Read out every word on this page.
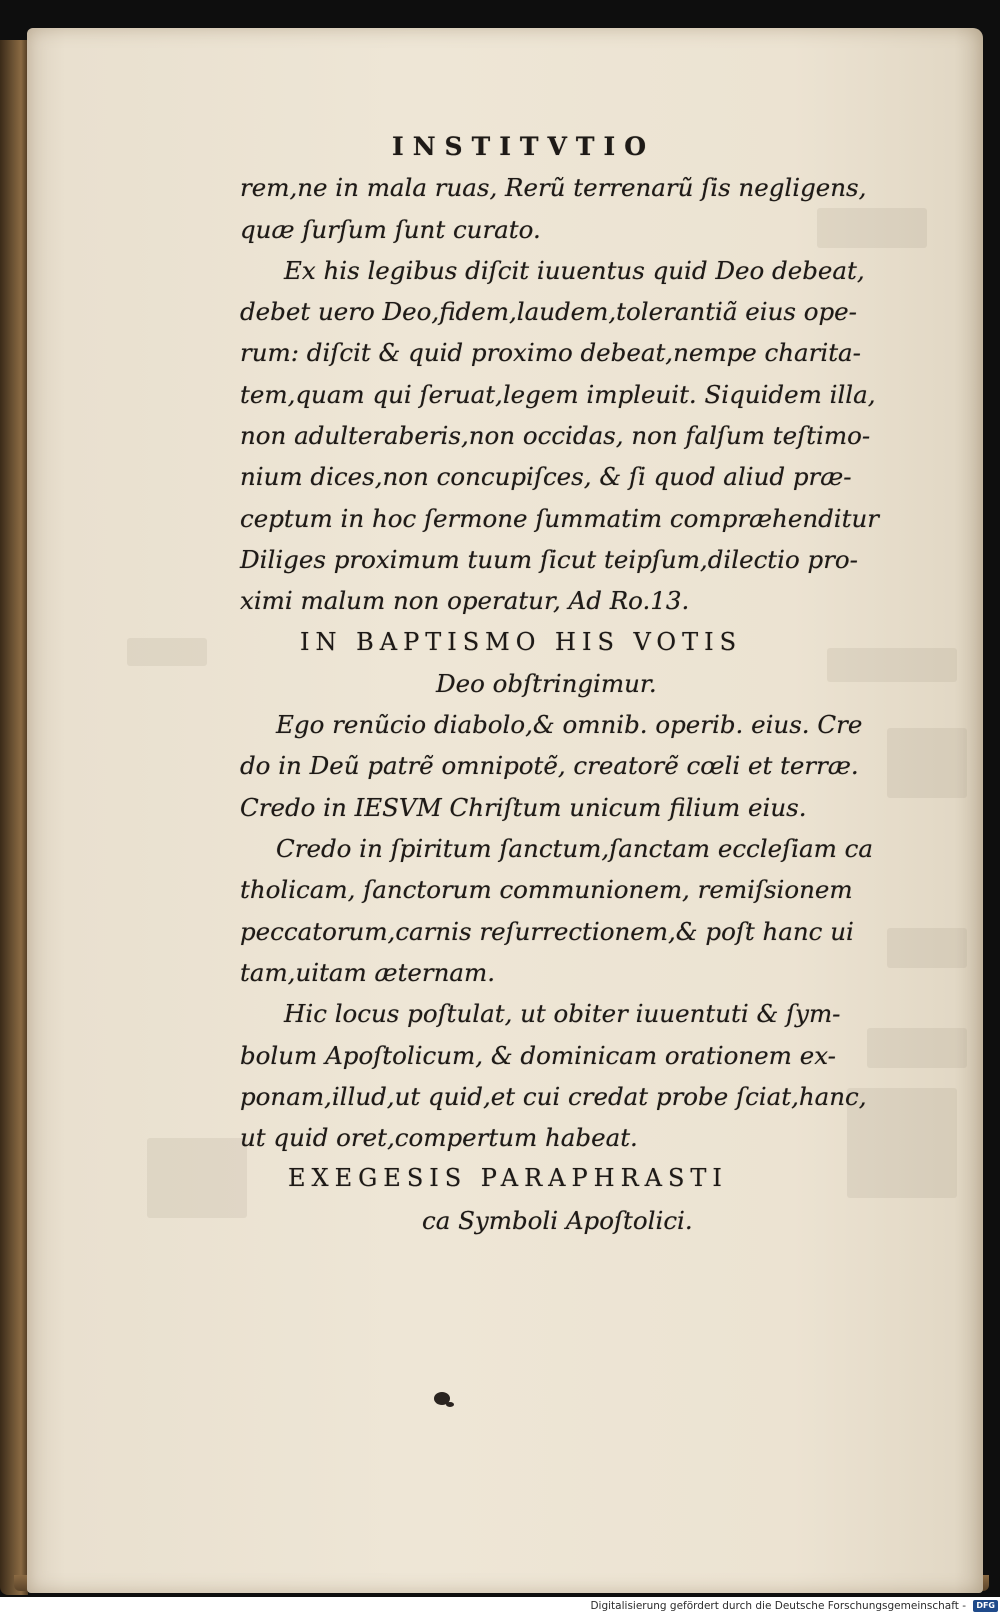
INSTITVTIO
rem,ne in mala ruas, Rerũ terrenarũ ſis negligens,
quæ ſurſum ſunt curato.
Ex his legibus diſcit iuuentus quid Deo debeat,
debet uero Deo,fidem,laudem,tolerantiã eius ope-
rum: diſcit & quid proximo debeat,nempe charita-
tem,quam qui ſeruat,legem impleuit. Siquidem illa,
non adulteraberis,non occidas, non falſum teſtimo-
nium dices,non concupiſces, & ſi quod aliud præ-
ceptum in hoc ſermone ſummatim compræhenditur
Diliges proximum tuum ſicut teipſum,dilectio pro-
ximi malum non operatur, Ad Ro.13.
IN BAPTISMO HIS VOTIS
Deo obſtringimur.
Ego renũcio diabolo,& omnib. operib. eius. Cre
do in Deũ patrẽ omnipotẽ, creatorẽ cœli et terræ.
Credo in IESVM Chriſtum unicum filium eius.
Credo in ſpiritum ſanctum,ſanctam eccleſiam ca
tholicam, ſanctorum communionem, remiſsionem
peccatorum,carnis reſurrectionem,& poſt hanc ui
tam,uitam æternam.
Hic locus poſtulat, ut obiter iuuentuti & ſym-
bolum Apoſtolicum, & dominicam orationem ex-
ponam,illud,ut quid,et cui credat probe ſciat,hanc,
ut quid oret,compertum habeat.
EXEGESIS PARAPHRASTI
ca Symboli Apoſtolici.
Digitalisierung gefördert durch die Deutsche Forschungsgemeinschaft - DFG
